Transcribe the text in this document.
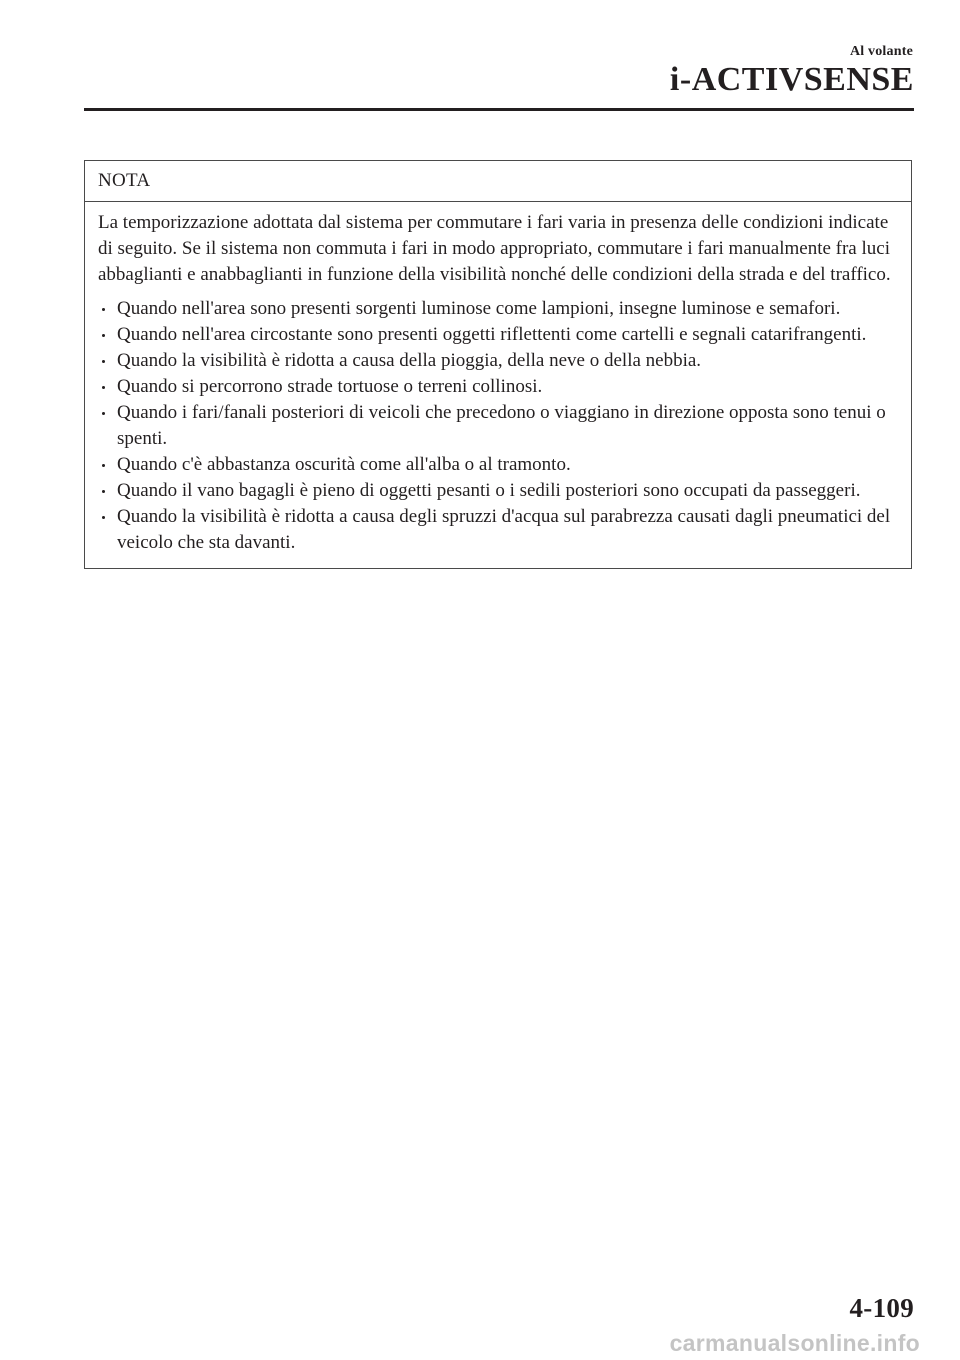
Al volante
i-ACTIVSENSE
NOTA

La temporizzazione adottata dal sistema per commutare i fari varia in presenza delle condizioni indicate di seguito. Se il sistema non commuta i fari in modo appropriato, commutare i fari manualmente fra luci abbaglianti e anabbaglianti in funzione della visibilità nonché delle condizioni della strada e del traffico.

Quando nell'area sono presenti sorgenti luminose come lampioni, insegne luminose e semafori.
Quando nell'area circostante sono presenti oggetti riflettenti come cartelli e segnali catarifrangenti.
Quando la visibilità è ridotta a causa della pioggia, della neve o della nebbia.
Quando si percorrono strade tortuose o terreni collinosi.
Quando i fari/fanali posteriori di veicoli che precedono o viaggiano in direzione opposta sono tenui o spenti.
Quando c'è abbastanza oscurità come all'alba o al tramonto.
Quando il vano bagagli è pieno di oggetti pesanti o i sedili posteriori sono occupati da passeggeri.
Quando la visibilità è ridotta a causa degli spruzzi d'acqua sul parabrezza causati dagli pneumatici del veicolo che sta davanti.
4-109
carmanualsonline.info
